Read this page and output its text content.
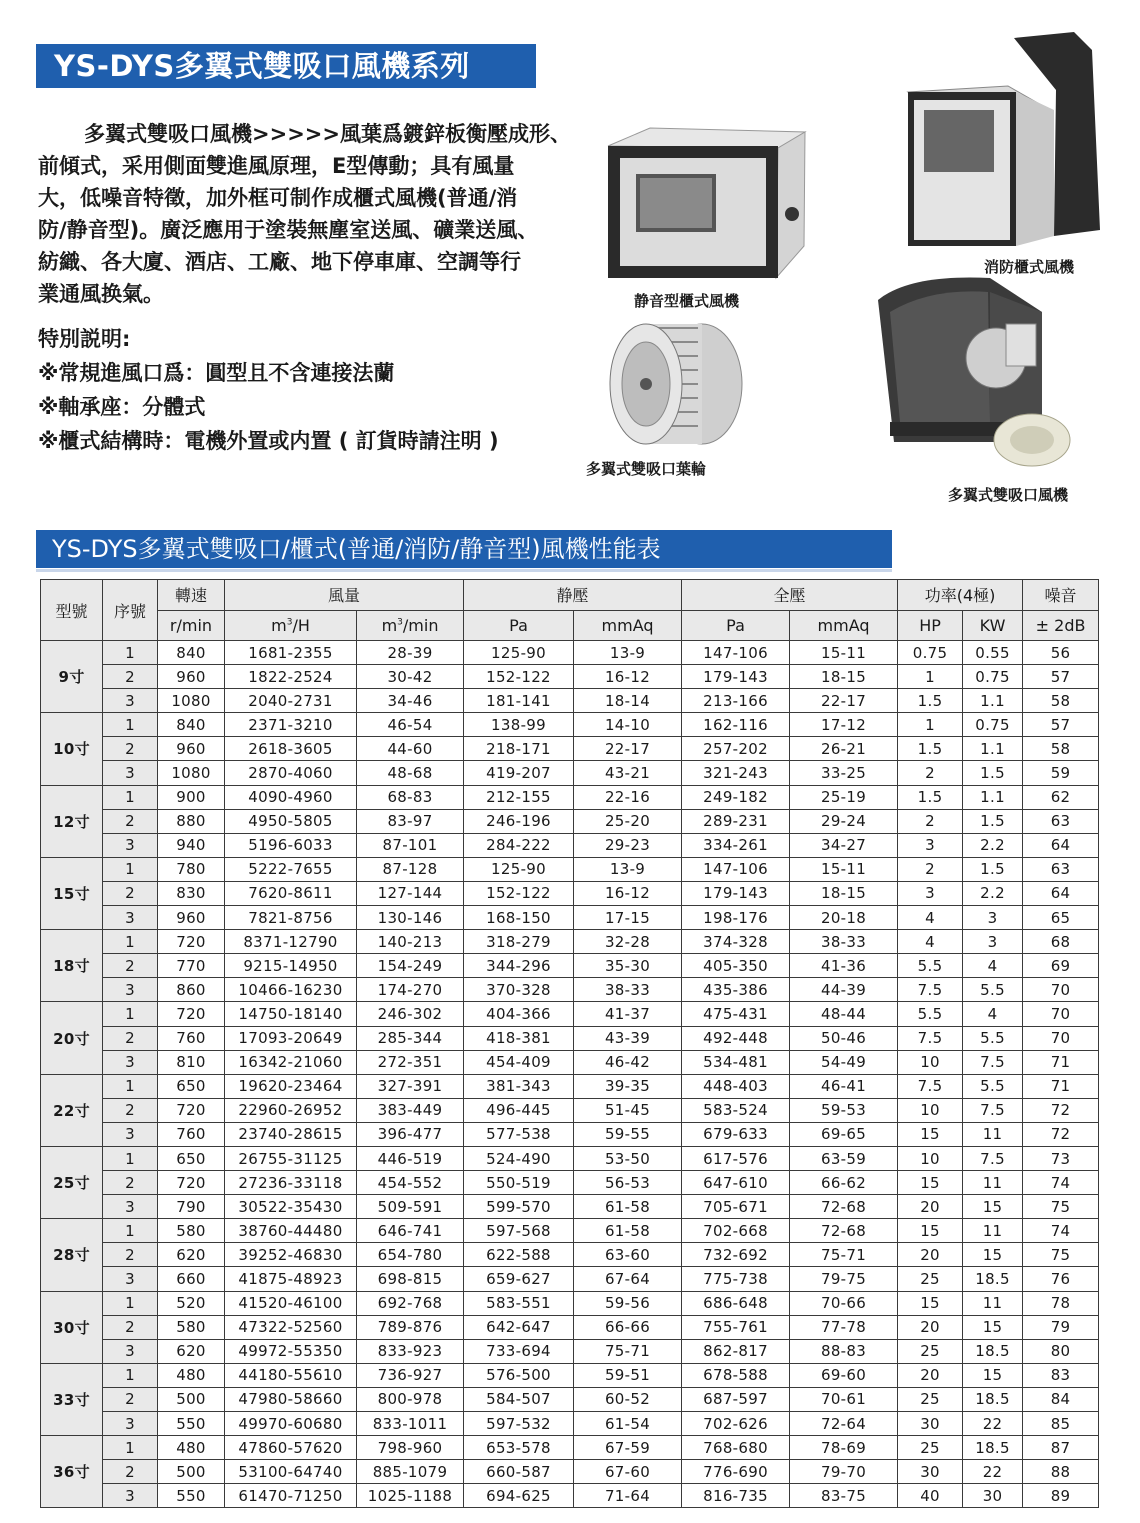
YS-DYS多翼式雙吸口風機系列
多翼式雙吸口風機>>>>>風葉爲鍍鋅板衡壓成形、
前傾式，采用側面雙進風原理，E型傳動；具有風量
大，低噪音特徵，加外框可制作成櫃式風機(普通/消
防/静音型)。廣泛應用于塗裝無塵室送風、礦業送風、
紡織、各大廈、酒店、工廠、地下停車庫、空調等行
業通風换氣。
特別説明:
※常規進風口爲：圓型且不含連接法蘭
※軸承座：分體式
※櫃式結構時：電機外置或内置 ( 訂貨時請注明 )
静音型櫃式風機
消防櫃式風機
多翼式雙吸口葉輪
多翼式雙吸口風機
YS-DYS多翼式雙吸口/櫃式(普通/消防/静音型)風機性能表
型號	序號	轉速	風量		静壓		全壓		功率(4極)		噪音
		r/min	$m^3/H$	$m^3/\min$	Pa	mmAq	Pa	mmAq	HP	KW	± 2dB
9寸	1	840	1681-2355	28-39	125-90	13-9	147-106	15-11	0.75	0.55	56
	2	960	1822-2524	30-42	152-122	16-12	179-143	18-15	1	0.75	57
	3	1080	2040-2731	34-46	181-141	18-14	213-166	22-17	1.5	1.1	58
10寸	1	840	2371-3210	46-54	138-99	14-10	162-116	17-12	1	0.75	57
	2	960	2618-3605	44-60	218-171	22-17	257-202	26-21	1.5	1.1	58
	3	1080	2870-4060	48-68	419-207	43-21	321-243	33-25	2	1.5	59
12寸	1	900	4090-4960	68-83	212-155	22-16	249-182	25-19	1.5	1.1	62
	2	880	4950-5805	83-97	246-196	25-20	289-231	29-24	2	1.5	63
	3	940	5196-6033	87-101	284-222	29-23	334-261	34-27	3	2.2	64
15寸	1	780	5222-7655	87-128	125-90	13-9	147-106	15-11	2	1.5	63
	2	830	7620-8611	127-144	152-122	16-12	179-143	18-15	3	2.2	64
	3	960	7821-8756	130-146	168-150	17-15	198-176	20-18	4	3	65
18寸	1	720	8371-12790	140-213	318-279	32-28	374-328	38-33	4	3	68
	2	770	9215-14950	154-249	344-296	35-30	405-350	41-36	5.5	4	69
	3	860	10466-16230	174-270	370-328	38-33	435-386	44-39	7.5	5.5	70
20寸	1	720	14750-18140	246-302	404-366	41-37	475-431	48-44	5.5	4	70
	2	760	17093-20649	285-344	418-381	43-39	492-448	50-46	7.5	5.5	70
	3	810	16342-21060	272-351	454-409	46-42	534-481	54-49	10	7.5	71
22寸	1	650	19620-23464	327-391	381-343	39-35	448-403	46-41	7.5	5.5	71
	2	720	22960-26952	383-449	496-445	51-45	583-524	59-53	10	7.5	72
	3	760	23740-28615	396-477	577-538	59-55	679-633	69-65	15	11	72
25寸	1	650	26755-31125	446-519	524-490	53-50	617-576	63-59	10	7.5	73
	2	720	27236-33118	454-552	550-519	56-53	647-610	66-62	15	11	74
	3	790	30522-35430	509-591	599-570	61-58	705-671	72-68	20	15	75
28寸	1	580	38760-44480	646-741	597-568	61-58	702-668	72-68	15	11	74
	2	620	39252-46830	654-780	622-588	63-60	732-692	75-71	20	15	75
	3	660	41875-48923	698-815	659-627	67-64	775-738	79-75	25	18.5	76
30寸	1	520	41520-46100	692-768	583-551	59-56	686-648	70-66	15	11	78
	2	580	47322-52560	789-876	642-647	66-66	755-761	77-78	20	15	79
	3	620	49972-55350	833-923	733-694	75-71	862-817	88-83	25	18.5	80
33寸	1	480	44180-55610	736-927	576-500	59-51	678-588	69-60	20	15	83
	2	500	47980-58660	800-978	584-507	60-52	687-597	70-61	25	18.5	84
	3	550	49970-60680	833-1011	597-532	61-54	702-626	72-64	30	22	85
36寸	1	480	47860-57620	798-960	653-578	67-59	768-680	78-69	25	18.5	87
	2	500	53100-64740	885-1079	660-587	67-60	776-690	79-70	30	22	88
	3	550	61470-71250	1025-1188	694-625	71-64	816-735	83-75	40	30	89
